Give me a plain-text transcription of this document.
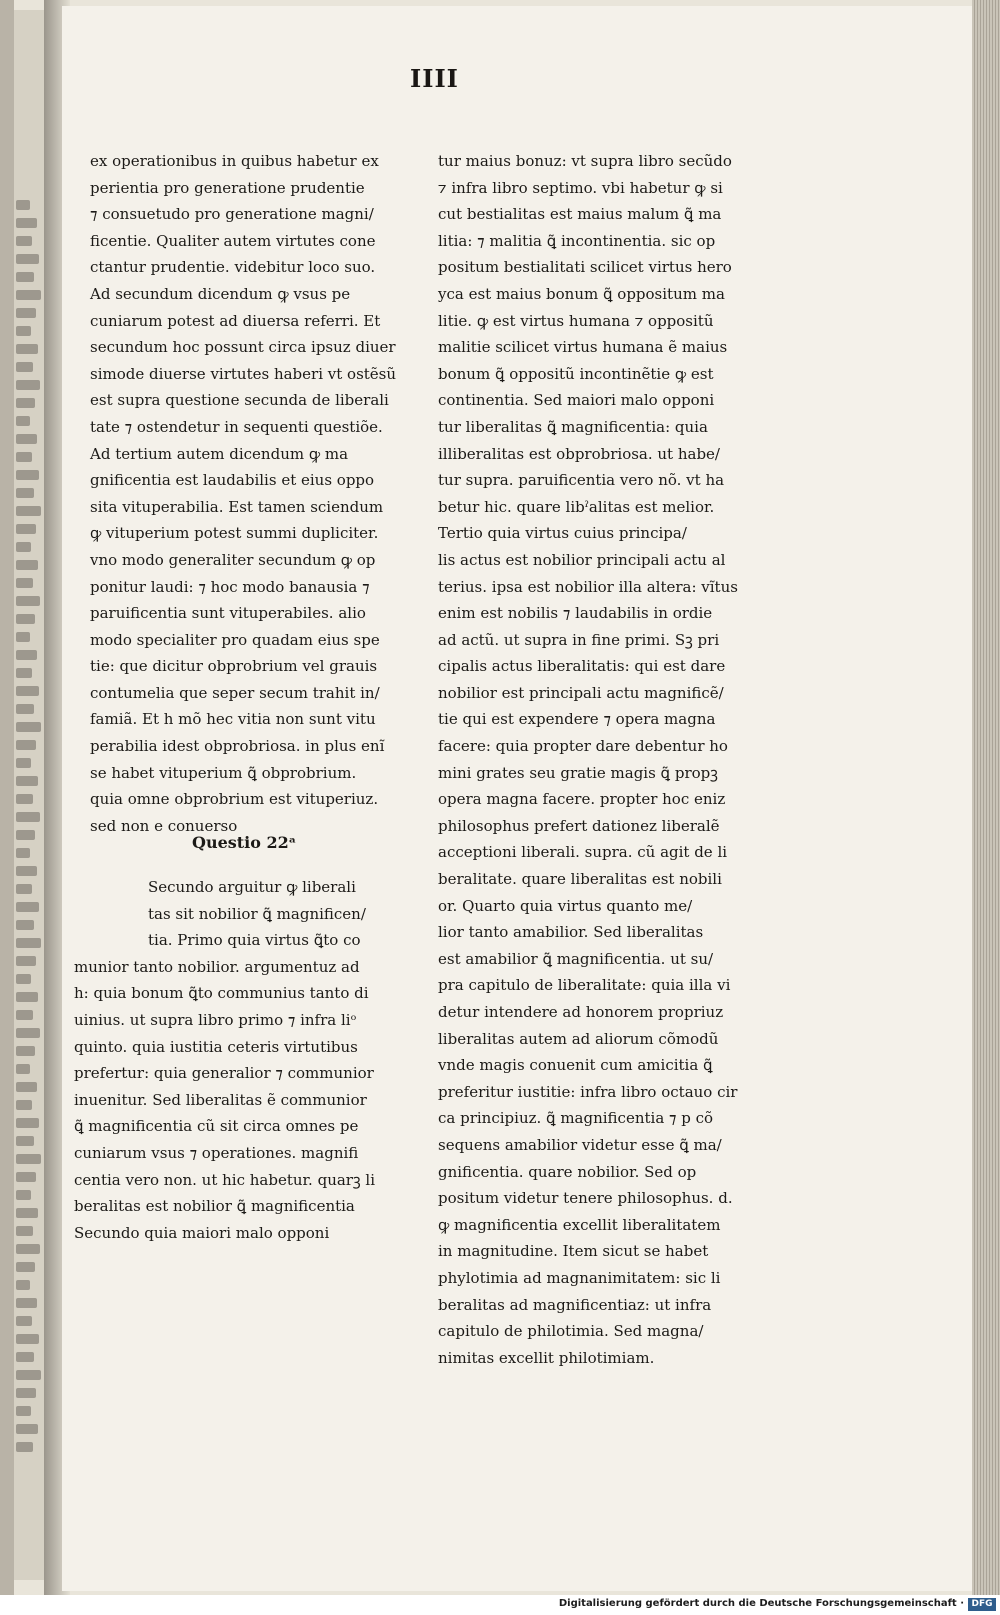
IIII

ex operationibus in quibus habetur ex

perientia pro generatione prudentie

⁊ consuetudo pro generatione magni/

ficentie. Qualiter autem virtutes cone

ctantur prudentie. videbitur loco suo.

Ad secundum dicendum ꝙ vsus pe

cuniarum potest ad diuersa referri. Et

secundum hoc possunt circa ipsuz diuer

simode diuerse virtutes haberi vt ostẽsũ

est supra questione secunda de liberali

tate ⁊ ostendetur in sequenti questiõe.

Ad tertium autem dicendum ꝙ ma

gnificentia est laudabilis et eius oppo

sita vituperabilia. Est tamen sciendum

ꝙ vituperium potest summi dupliciter.

vno modo generaliter secundum ꝙ op

ponitur laudi: ⁊ hoc modo banausia ⁊

paruificentia sunt vituperabiles. alio

modo specialiter pro quadam eius spe

tie: que dicitur obprobrium vel grauis

contumelia que seper secum trahit in/

famiã. Et h mõ hec vitia non sunt vitu

perabilia idest obprobriosa. in plus enĩ

se habet vituperium ꝗ̃ obprobrium.

quia omne obprobrium est vituperiuz.

sed non e conuerso

Questio 22ᵃ

Secundo arguitur ꝙ liberali

tas sit nobilior ꝗ̃ magnificen/

tia. Primo quia virtus ꝗ̃to co

munior tanto nobilior. argumentuz ad

h: quia bonum ꝗ̃to communius tanto di

uinius. ut supra libro primo ⁊ infra liᵒ

quinto. quia iustitia ceteris virtutibus

prefertur: quia generalior ⁊ communior

inuenitur. Sed liberalitas ẽ communior

ꝗ̃ magnificentia cũ sit circa omnes pe

cuniarum vsus ⁊ operationes. magnifi

centia vero non. ut hic habetur. quarꝫ li

beralitas est nobilior ꝗ̃ magnificentia

Secundo quia maiori malo opponi

tur maius bonuz: vt supra libro secũdo

⁊ infra libro septimo. vbi habetur ꝙ si

cut bestialitas est maius malum ꝗ̃ ma

litia: ⁊ malitia ꝗ̃ incontinentia. sic op

positum bestialitati scilicet virtus hero

yca est maius bonum ꝗ̃ oppositum ma

litie. ꝙ est virtus humana ⁊ oppositũ

malitie scilicet virtus humana ẽ maius

bonum ꝗ̃ oppositũ incontinẽtie ꝙ est

continentia. Sed maiori malo opponi

tur liberalitas ꝗ̃ magnificentia: quia

illiberalitas est obprobriosa. ut habe/

tur supra. paruificentia vero nõ. vt ha

betur hic. quare libˀalitas est melior.

Tertio quia virtus cuius principa/

lis actus est nobilior principali actu al

terius. ipsa est nobilior illa altera: vĩtus

enim est nobilis ⁊ laudabilis in ordie

ad actũ. ut supra in fine primi. Sꝫ pri

cipalis actus liberalitatis: qui est dare

nobilior est principali actu magnificẽ/

tie qui est expendere ⁊ opera magna

facere: quia propter dare debentur ho

mini grates seu gratie magis ꝗ̃ propꝫ

opera magna facere. propter hoc eniz

philosophus prefert dationez liberalẽ

acceptioni liberali. supra. cũ agit de li

beralitate. quare liberalitas est nobili

or. Quarto quia virtus quanto me/

lior tanto amabilior. Sed liberalitas

est amabilior ꝗ̃ magnificentia. ut su/

pra capitulo de liberalitate: quia illa vi

detur intendere ad honorem propriuz

liberalitas autem ad aliorum cõmodũ

vnde magis conuenit cum amicitia ꝗ̃

preferitur iustitie: infra libro octauo cir

ca principiuz. ꝗ̃ magnificentia ⁊ p cõ

sequens amabilior videtur esse ꝗ̃ ma/

gnificentia. quare nobilior. Sed op

positum videtur tenere philosophus. d.

ꝙ magnificentia excellit liberalitatem

in magnitudine. Item sicut se habet

phylotimia ad magnanimitatem: sic li

beralitas ad magnificentiaz: ut infra

capitulo de philotimia. Sed magna/

nimitas excellit philotimiam.

Digitalisierung gefördert durch die Deutsche Forschungsgemeinschaft · DFG
